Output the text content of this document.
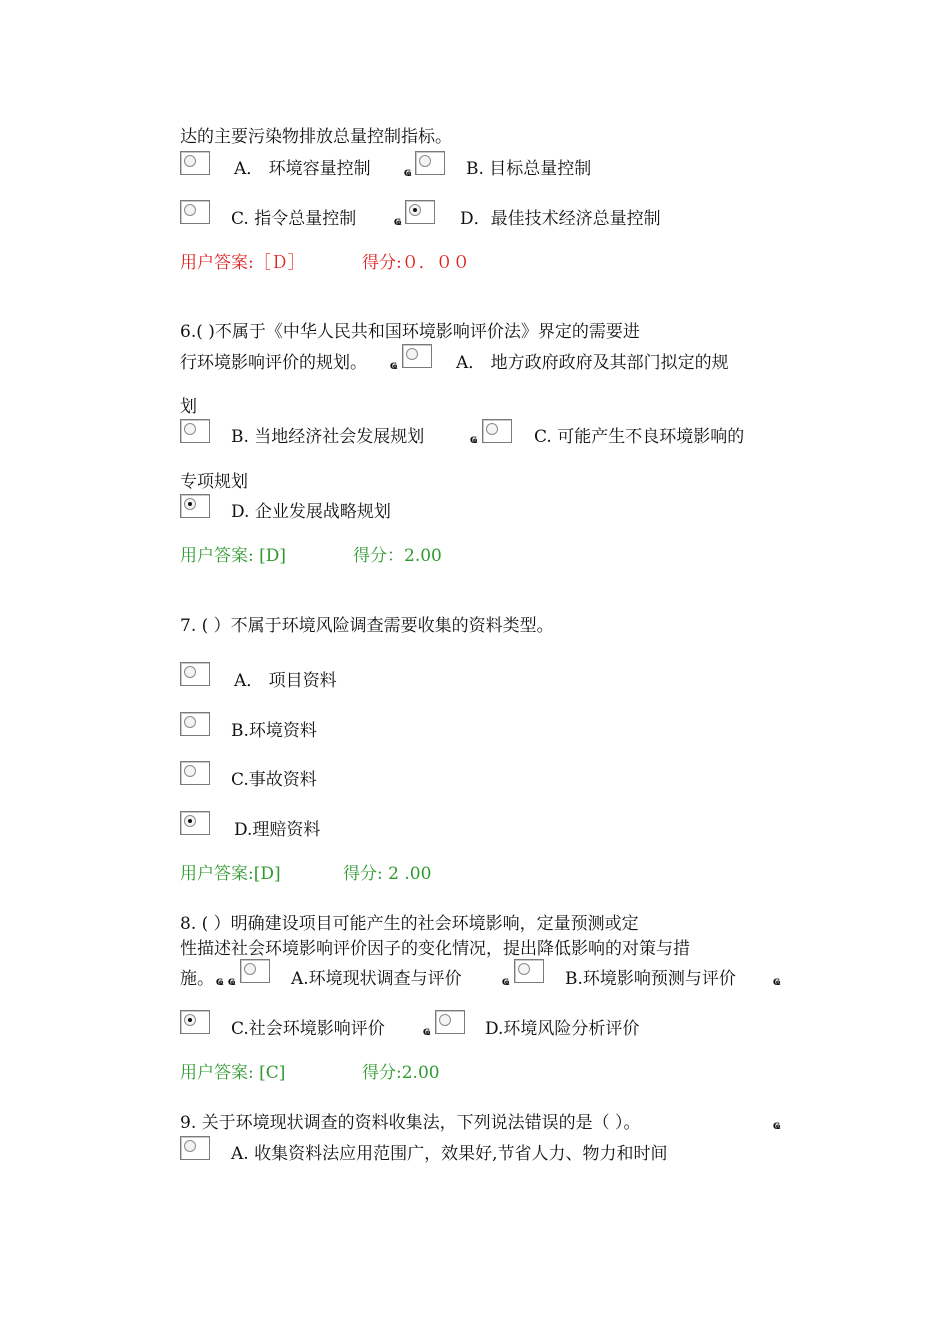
达的主要污染物排放总量控制指标。
A． 环境容量控制 ҩ	B. 目标总量控制
C. 指令总量控制	ҩ	D．最佳技术经济总量控制
用户答案:［Ｄ］	得分:０．００
6.( )不属于《中华人民共和国环境影响评价法》界定的需要进
行环境影响评价的规划。 ҩ	A． 地方政府政府及其部门拟定的规
划
B. 当地经济社会发展规划	ҩ	C. 可能产生不良环境影响的
专项规划
D. 企业发展战略规划
用户答案: [D]	得分：2.00
7. ( ）不属于环境风险调查需要收集的资料类型。
A． 项目资料
B.环境资料
C.事故资料
D.理赔资料
用户答案:[D]	得分: 2 .00
8. ( ）明确建设项目可能产生的社会环境影响，定量预测或定
性描述社会环境影响评价因子的变化情况，提出降低影响的对策与措
施。 ҩ ҩ	A.环境现状调查与评价	ҩ	B.环境影响预测与评价	ҩ
C.社会环境影响评价	ҩ	D.环境风险分析评价
用户答案: [C]	得分:2.00
9. 关于环境现状调查的资料收集法，下列说法错误的是（ ）。	ҩ
A. 收集资料法应用范围广，效果好,节省人力、物力和时间
